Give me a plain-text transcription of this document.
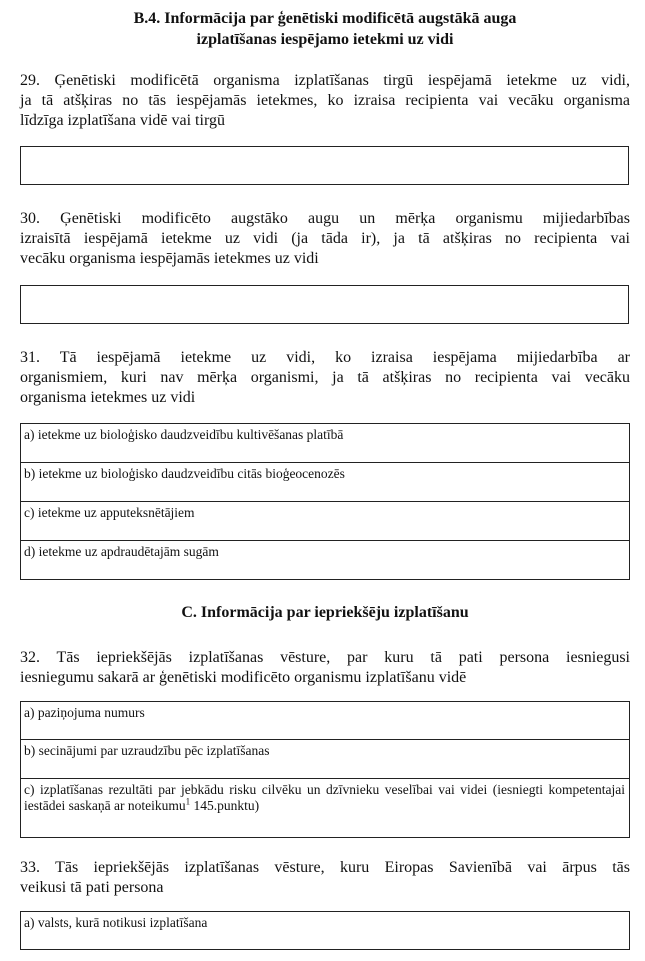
B.4. Informācija par ģenētiski modificētā augstākā auga
izplatīšanas iespējamo ietekmi uz vidi
29. Ģenētiski modificētā organisma izplatīšanas tirgū iespējamā ietekme uz vidi,
ja tā atšķiras no tās iespējamās ietekmes, ko izraisa recipienta vai vecāku organisma
līdzīga izplatīšana vidē vai tirgū
30. Ģenētiski modificēto augstāko augu un mērķa organismu mijiedarbības
izraisītā iespējamā ietekme uz vidi (ja tāda ir), ja tā atšķiras no recipienta vai
vecāku organisma iespējamās ietekmes uz vidi
31. Tā iespējamā ietekme uz vidi, ko izraisa iespējama mijiedarbība ar
organismiem, kuri nav mērķa organismi, ja tā atšķiras no recipienta vai vecāku
organisma ietekmes uz vidi
a) ietekme uz bioloģisko daudzveidību kultivēšanas platībā
b) ietekme uz bioloģisko daudzveidību citās bioģeocenozēs
c) ietekme uz apputeksnētājiem
d) ietekme uz apdraudētajām sugām
C. Informācija par iepriekšēju izplatīšanu
32. Tās iepriekšējās izplatīšanas vēsture, par kuru tā pati persona iesniegusi
iesniegumu sakarā ar ģenētiski modificēto organismu izplatīšanu vidē
a) paziņojuma numurs
b) secinājumi par uzraudzību pēc izplatīšanas
c) izplatīšanas rezultāti par jebkādu risku cilvēku un dzīvnieku veselībai vai videi (iesniegti kompetentajai iestādei saskaņā ar noteikumu$^1$ 145.punktu)
33. Tās iepriekšējās izplatīšanas vēsture, kuru Eiropas Savienībā vai ārpus tās
veikusi tā pati persona
a) valsts, kurā notikusi izplatīšana
